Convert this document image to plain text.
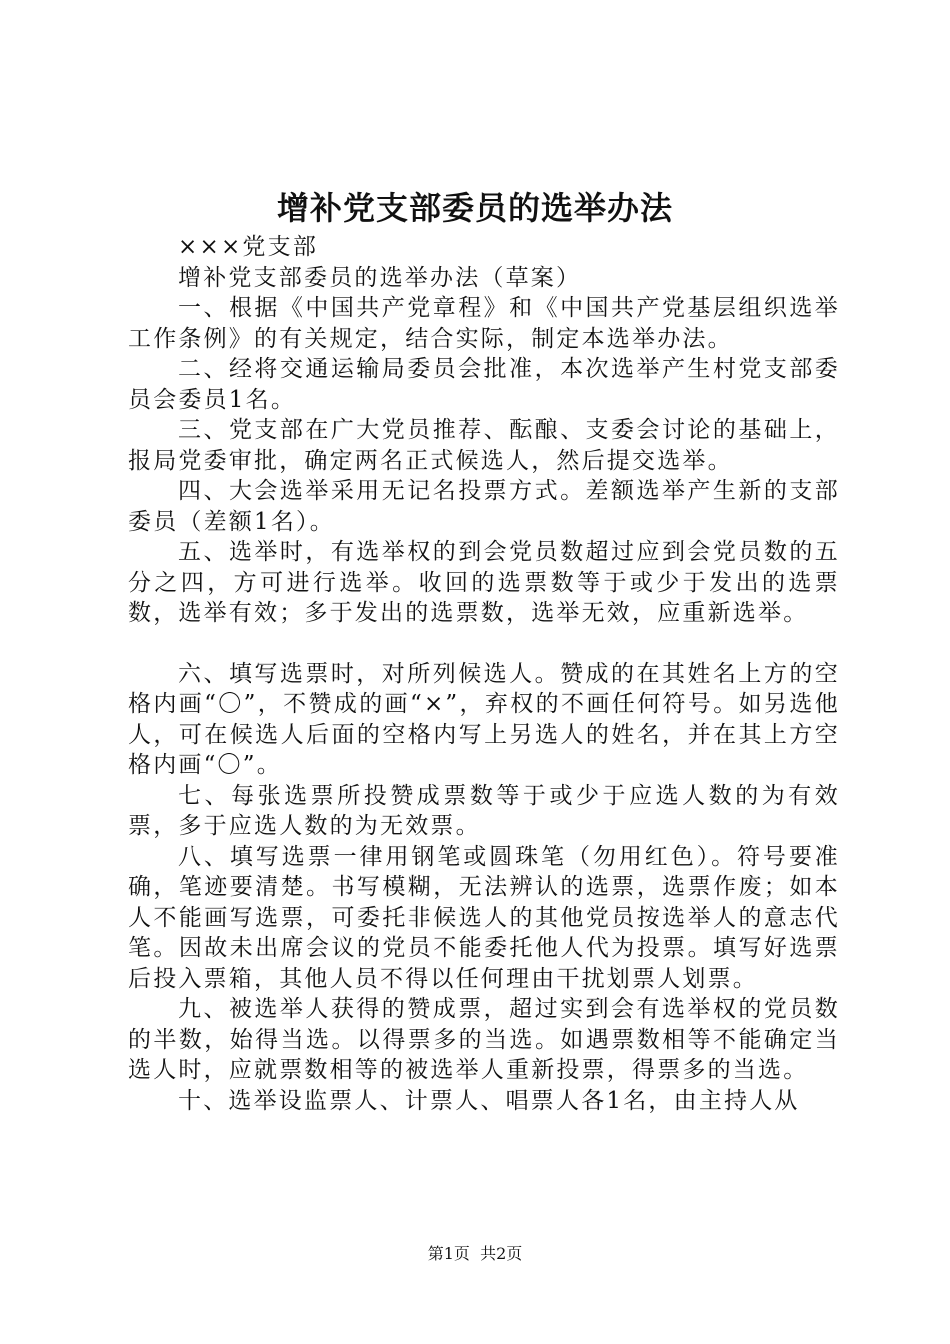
增补党支部委员的选举办法

×××党支部

增补党支部委员的选举办法（草案）

一、根据《中国共产党章程》和《中国共产党基层组织选举工作条例》的有关规定，结合实际，制定本选举办法。

二、经将交通运输局委员会批准，本次选举产生村党支部委员会委员1名。

三、党支部在广大党员推荐、酝酿、支委会讨论的基础上，报局党委审批，确定两名正式候选人，然后提交选举。

四、大会选举采用无记名投票方式。差额选举产生新的支部委员（差额1名）。

五、选举时，有选举权的到会党员数超过应到会党员数的五分之四，方可进行选举。收回的选票数等于或少于发出的选票数，选举有效；多于发出的选票数，选举无效，应重新选举。

六、填写选票时，对所列候选人。赞成的在其姓名上方的空格内画“〇”，不赞成的画“×”，弃权的不画任何符号。如另选他人，可在候选人后面的空格内写上另选人的姓名，并在其上方空格内画“〇”。

七、每张选票所投赞成票数等于或少于应选人数的为有效票，多于应选人数的为无效票。

八、填写选票一律用钢笔或圆珠笔（勿用红色）。符号要准确，笔迹要清楚。书写模糊，无法辨认的选票，选票作废；如本人不能画写选票，可委托非候选人的其他党员按选举人的意志代笔。因故未出席会议的党员不能委托他人代为投票。填写好选票后投入票箱，其他人员不得以任何理由干扰划票人划票。

九、被选举人获得的赞成票，超过实到会有选举权的党员数的半数，始得当选。以得票多的当选。如遇票数相等不能确定当选人时，应就票数相等的被选举人重新投票，得票多的当选。

十、选举设监票人、计票人、唱票人各1名，由主持人从

第1页 共2页
